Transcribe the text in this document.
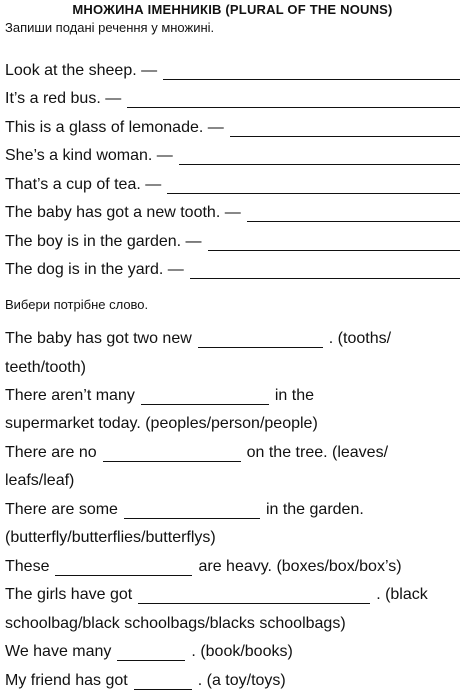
МНОЖИНА ІМЕННИКІВ (PLURAL OF THE NOUNS)
Запиши подані речення у множині.
Look at the sheep. —
It’s a red bus. —
This is a glass of lemonade. —
She’s a kind woman. —
That’s a cup of tea. —
The baby has got a new tooth. —
The boy is in the garden. —
The dog is in the yard. —
Вибери потрібне слово.
The baby has got two new	. (tooths/
teeth/tooth)
There aren’t many	in the
supermarket today. (peoples/person/people)
There are no	on the tree. (leaves/
leafs/leaf)
There are some	in the garden.
(butterfly/butterflies/butterflys)
These	are heavy. (boxes/box/box’s)
The girls have got	. (black
schoolbag/black schoolbags/blacks schoolbags)
We have many	. (book/books)
My friend has got	. (a toy/toys)
